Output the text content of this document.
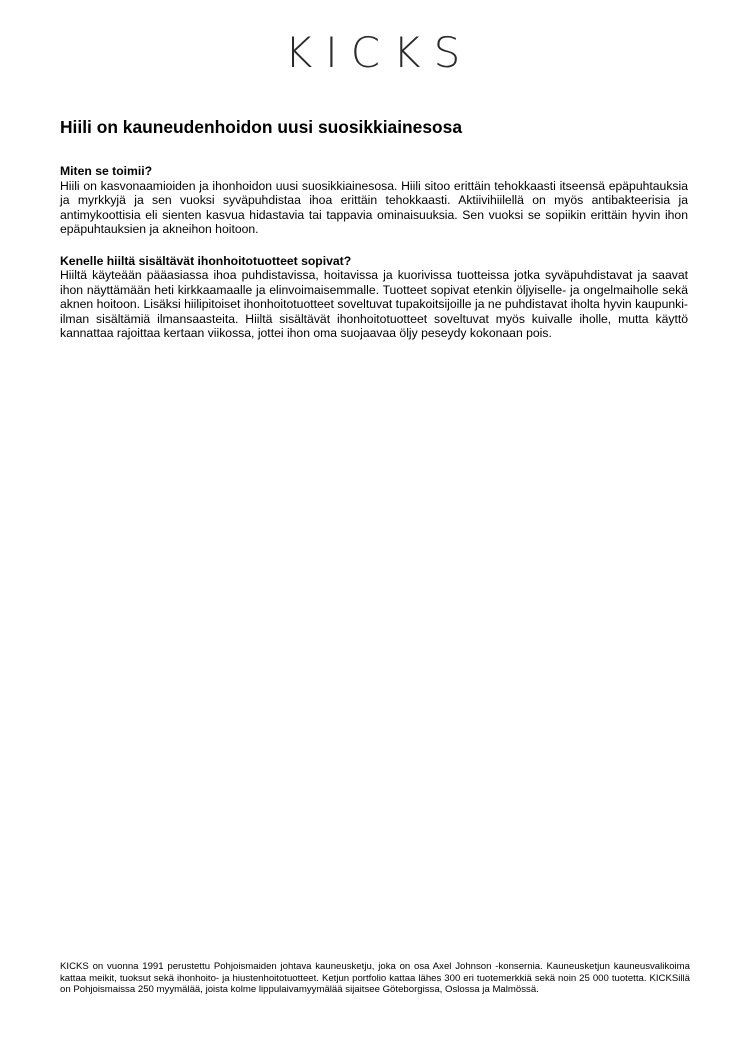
KICKS
Hiili on kauneudenhoidon uusi suosikkiainesosa

Miten se toimii?

Hiili on kasvonaamioiden ja ihonhoidon uusi suosikkiainesosa. Hiili sitoo erittäin tehokkaasti itseensä epäpuhtauksia ja myrkkyjä ja sen vuoksi syväpuhdistaa ihoa erittäin tehokkaasti. Aktiivihiilellä on myös antibakteerisia ja antimykoottisia eli sienten kasvua hidastavia tai tappavia ominaisuuksia. Sen vuoksi se sopiikin erittäin hyvin ihon epäpuhtauksien ja akneihon hoitoon.

Kenelle hiiltä sisältävät ihonhoitotuotteet sopivat?

Hiiltä käyteään pääasiassa ihoa puhdistavissa, hoitavissa ja kuorivissa tuotteissa jotka syväpuhdistavat ja saavat ihon näyttämään heti kirkkaamaalle ja elinvoimaisemmalle. Tuotteet sopivat etenkin öljyiselle- ja ongelmaiholle sekä aknen hoitoon. Lisäksi hiilipitoiset ihonhoitotuotteet soveltuvat tupakoitsijoille ja ne puhdistavat iholta hyvin kaupunki-ilman sisältämiä ilmansaasteita. Hiiltä sisältävät ihonhoitotuotteet soveltuvat myös kuivalle iholle, mutta käyttö kannattaa rajoittaa kertaan viikossa, jottei ihon oma suojaavaa öljy peseydy kokonaan pois.

KICKS on vuonna 1991 perustettu Pohjoismaiden johtava kauneusketju, joka on osa Axel Johnson -konsernia. Kauneusketjun kauneusvalikoima kattaa meikit, tuoksut sekä ihonhoito- ja hiustenhoitotuotteet. Ketjun portfolio kattaa lähes 300 eri tuotemerkkiä sekä noin 25 000 tuotetta. KICKSillä on Pohjoismaissa 250 myymälää, joista kolme lippulaivamyymälää sijaitsee Göteborgissa, Oslossa ja Malmössä.
